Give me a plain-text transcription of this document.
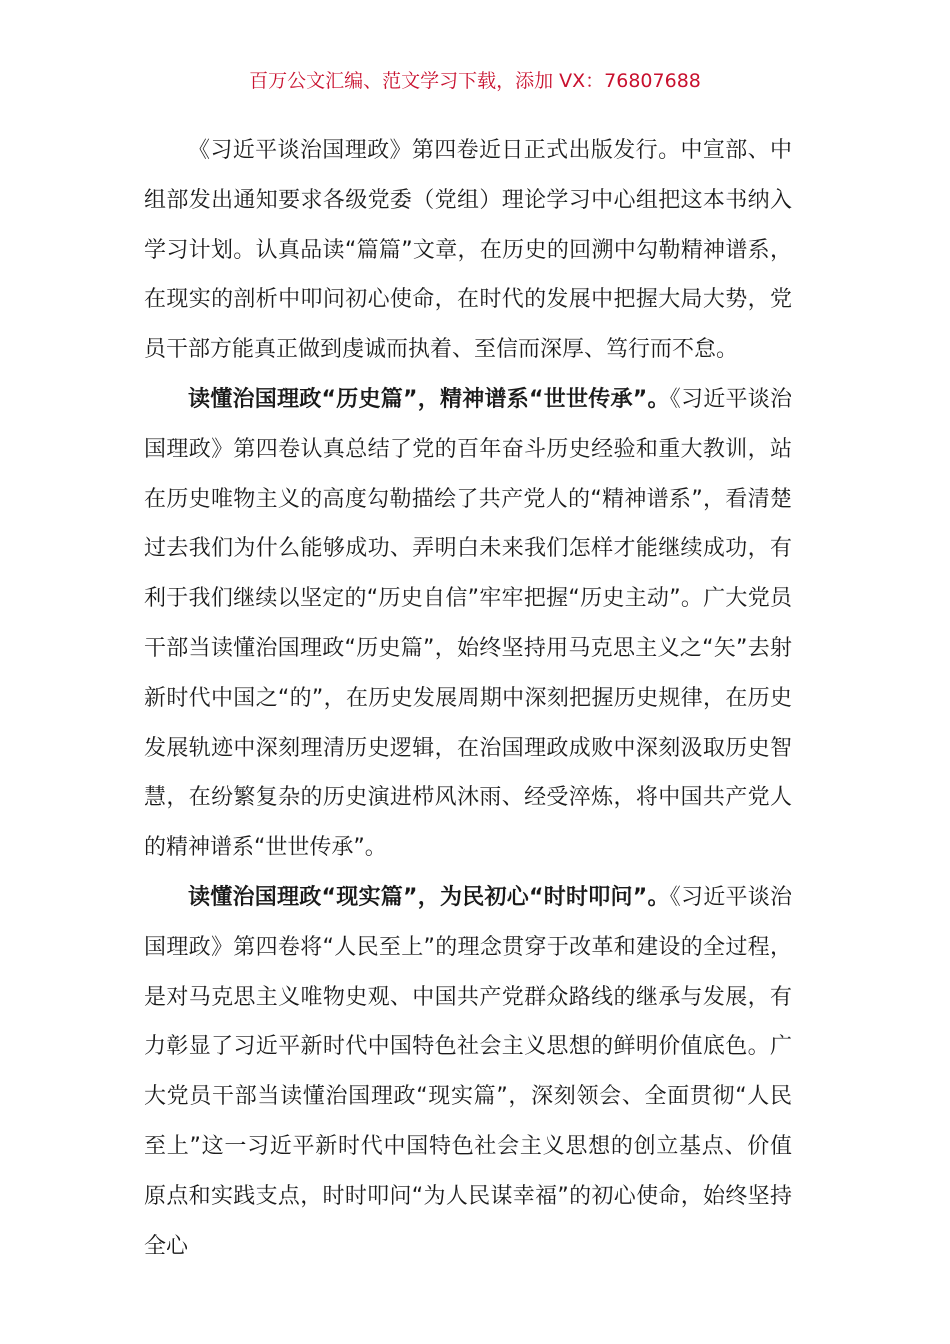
百万公文汇编、范文学习下载，添加 VX：76807688

《习近平谈治国理政》第四卷近日正式出版发行。中宣部、中组部发出通知要求各级党委（党组）理论学习中心组把这本书纳入学习计划。认真品读“篇篇”文章，在历史的回溯中勾勒精神谱系，在现实的剖析中叩问初心使命，在时代的发展中把握大局大势，党员干部方能真正做到虔诚而执着、至信而深厚、笃行而不怠。

读懂治国理政“历史篇”，精神谱系“世世传承”。《习近平谈治国理政》第四卷认真总结了党的百年奋斗历史经验和重大教训，站在历史唯物主义的高度勾勒描绘了共产党人的“精神谱系”，看清楚过去我们为什么能够成功、弄明白未来我们怎样才能继续成功，有利于我们继续以坚定的“历史自信”牢牢把握“历史主动”。广大党员干部当读懂治国理政“历史篇”，始终坚持用马克思主义之“矢”去射新时代中国之“的”，在历史发展周期中深刻把握历史规律，在历史发展轨迹中深刻理清历史逻辑，在治国理政成败中深刻汲取历史智慧，在纷繁复杂的历史演进栉风沐雨、经受淬炼，将中国共产党人的精神谱系“世世传承”。

读懂治国理政“现实篇”，为民初心“时时叩问”。《习近平谈治国理政》第四卷将“人民至上”的理念贯穿于改革和建设的全过程，是对马克思主义唯物史观、中国共产党群众路线的继承与发展，有力彰显了习近平新时代中国特色社会主义思想的鲜明价值底色。广大党员干部当读懂治国理政“现实篇”，深刻领会、全面贯彻“人民至上”这一习近平新时代中国特色社会主义思想的创立基点、价值原点和实践支点，时时叩问“为人民谋幸福”的初心使命，始终坚持全心
